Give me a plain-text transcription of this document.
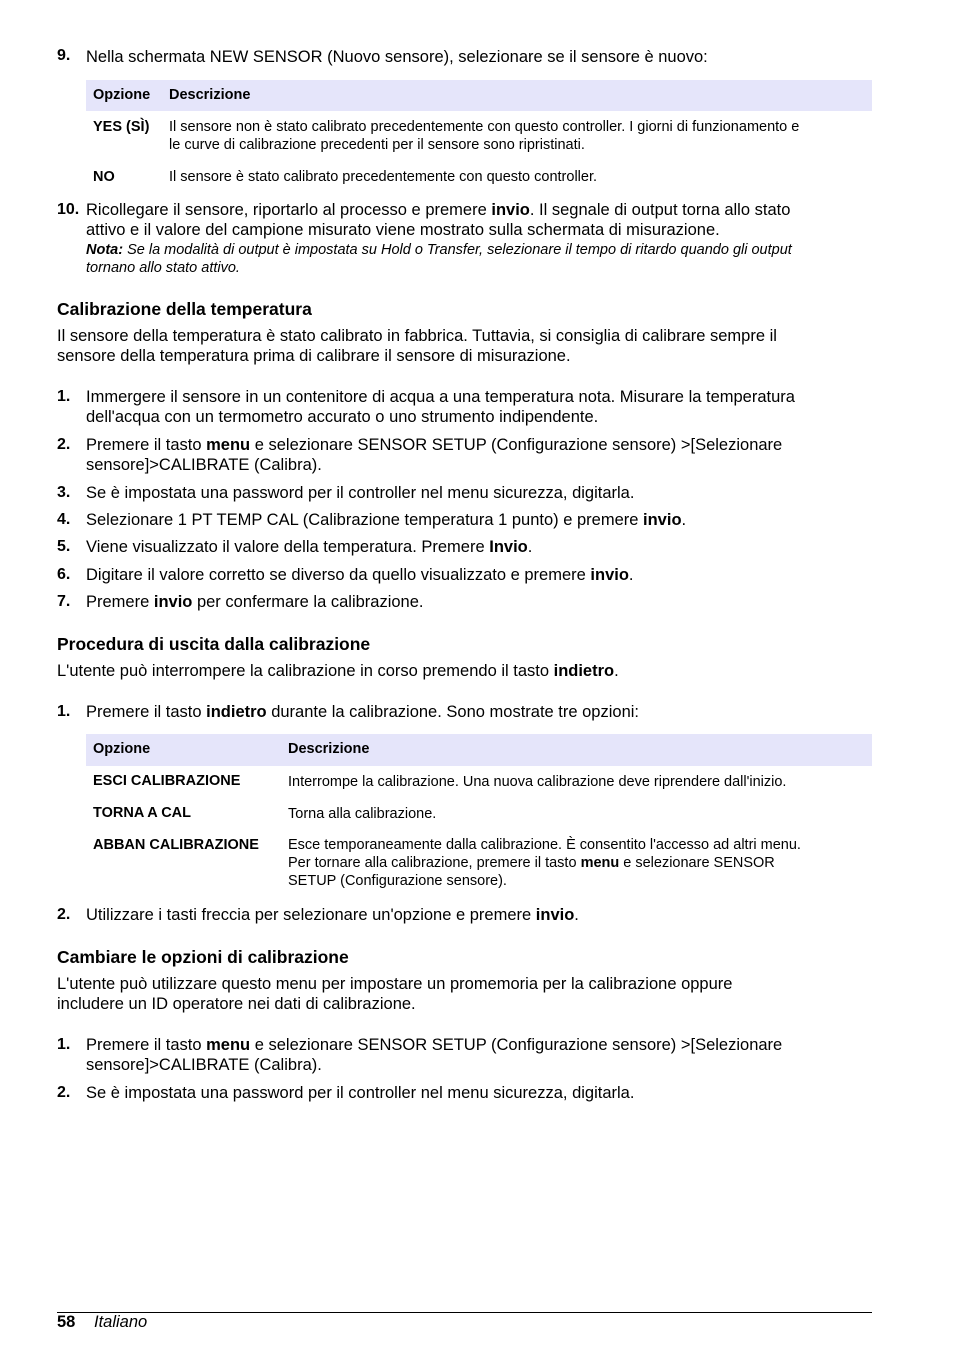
9. Nella schermata NEW SENSOR (Nuovo sensore), selezionare se il sensore è nuovo:
Opzione Descrizione
YES (SÌ) Il sensore non è stato calibrato precedentemente con questo controller. I giorni di funzionamento e
le curve di calibrazione precedenti per il sensore sono ripristinati.
NO	Il sensore è stato calibrato precedentemente con questo controller.
10. Ricollegare il sensore, riportarlo al processo e premere invio. Il segnale di output torna allo stato
attivo e il valore del campione misurato viene mostrato sulla schermata di misurazione.
Nota: Se la modalità di output è impostata su Hold o Transfer, selezionare il tempo di ritardo quando gli output
tornano allo stato attivo.
Calibrazione della temperatura
Il sensore della temperatura è stato calibrato in fabbrica. Tuttavia, si consiglia di calibrare sempre il
sensore della temperatura prima di calibrare il sensore di misurazione.
1. Immergere il sensore in un contenitore di acqua a una temperatura nota. Misurare la temperatura
dell'acqua con un termometro accurato o uno strumento indipendente.
2. Premere il tasto menu e selezionare SENSOR SETUP (Configurazione sensore) >[Selezionare
sensore]>CALIBRATE (Calibra).
3. Se è impostata una password per il controller nel menu sicurezza, digitarla.
4. Selezionare 1 PT TEMP CAL (Calibrazione temperatura 1 punto) e premere invio.
5. Viene visualizzato il valore della temperatura. Premere Invio.
6. Digitare il valore corretto se diverso da quello visualizzato e premere invio.
7. Premere invio per confermare la calibrazione.
Procedura di uscita dalla calibrazione
L'utente può interrompere la calibrazione in corso premendo il tasto indietro.
1. Premere il tasto indietro durante la calibrazione. Sono mostrate tre opzioni:
Opzione	Descrizione
ESCI CALIBRAZIONE	Interrompe la calibrazione. Una nuova calibrazione deve riprendere dall'inizio.
TORNA A CAL	Torna alla calibrazione.
ABBAN CALIBRAZIONE Esce temporaneamente dalla calibrazione. È consentito l'accesso ad altri menu.
Per tornare alla calibrazione, premere il tasto menu e selezionare SENSOR
SETUP (Configurazione sensore).
2. Utilizzare i tasti freccia per selezionare un'opzione e premere invio.
Cambiare le opzioni di calibrazione
L'utente può utilizzare questo menu per impostare un promemoria per la calibrazione oppure
includere un ID operatore nei dati di calibrazione.
1. Premere il tasto menu e selezionare SENSOR SETUP (Configurazione sensore) >[Selezionare
sensore]>CALIBRATE (Calibra).
2. Se è impostata una password per il controller nel menu sicurezza, digitarla.
58 Italiano
